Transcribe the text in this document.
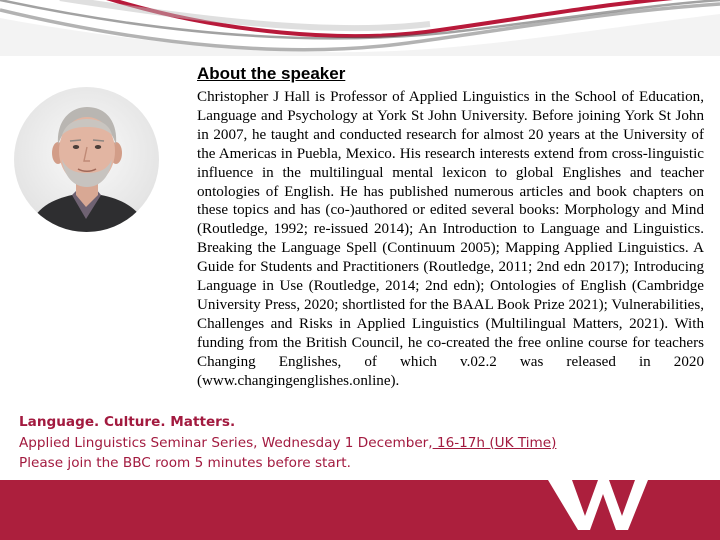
About the speaker

Christopher J Hall is Professor of Applied Linguistics in the School of Education, Language and Psychology at York St John University. Before joining York St John in 2007, he taught and conducted research for almost 20 years at the University of the Americas in Puebla, Mexico. His research interests extend from cross-linguistic influence in the multilingual mental lexicon to global Englishes and teacher ontologies of English. He has published numerous articles and book chapters on these topics and has (co-)authored or edited several books: Morphology and Mind (Routledge, 1992; re-issued 2014); An Introduction to Language and Linguistics. Breaking the Language Spell (Continuum 2005); Mapping Applied Linguistics. A Guide for Students and Practitioners (Routledge, 2011; 2nd edn 2017); Introducing Language in Use (Routledge, 2014; 2nd edn); Ontologies of English (Cambridge University Press, 2020; shortlisted for the BAAL Book Prize 2021); Vulnerabilities, Challenges and Risks in Applied Linguistics (Multilingual Matters, 2021). With funding from the British Council, he co-created the free online course for teachers Changing Englishes, of which v.02.2 was released in 2020 (www.changingenglishes.online).

Language. Culture. Matters.
Applied Linguistics Seminar Series, Wednesday 1 December, 16-17h (UK Time)
Please join the BBC room 5 minutes before start.
